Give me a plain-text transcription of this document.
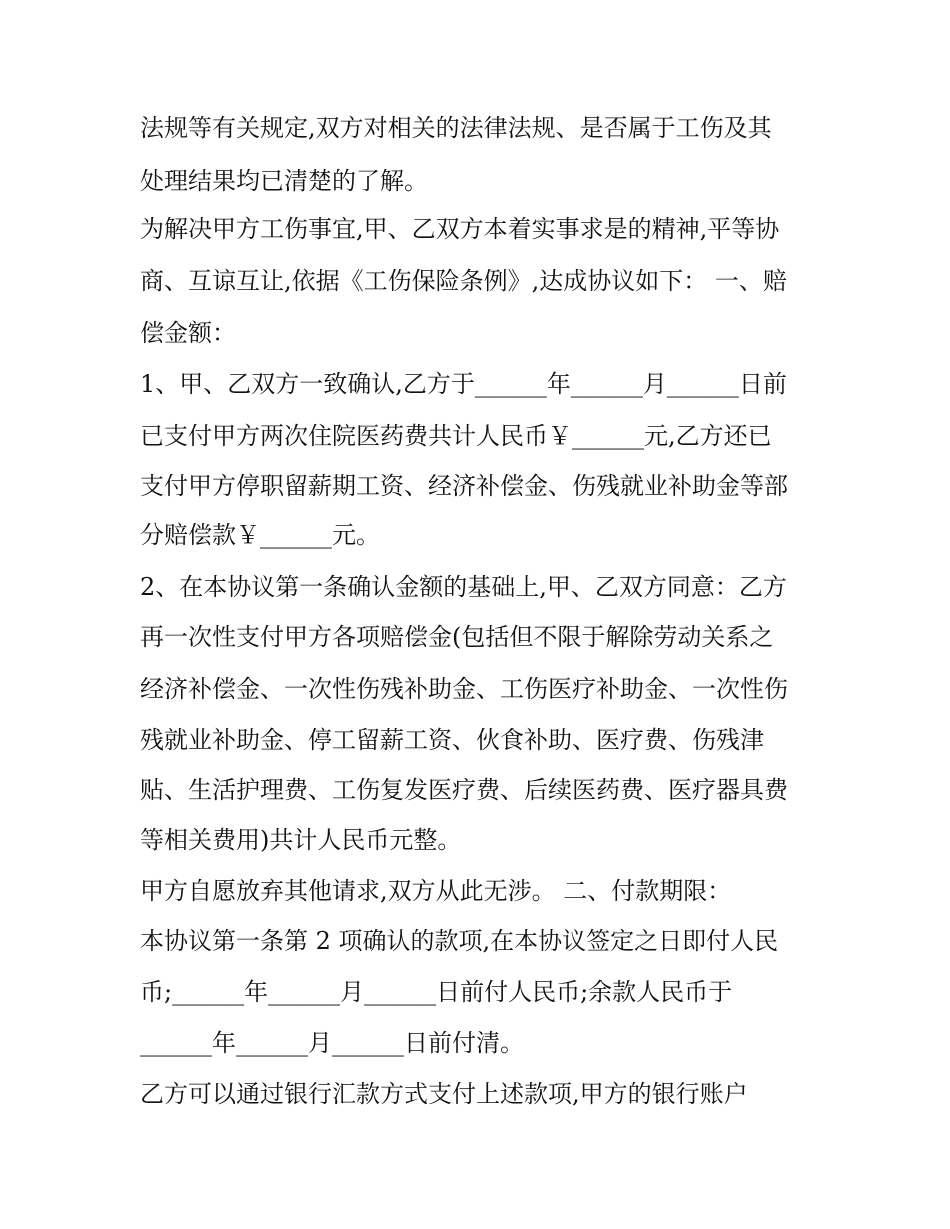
法规等有关规定,双方对相关的法律法规、是否属于工伤及其

处理结果均已清楚的了解。

为解决甲方工伤事宜,甲、乙双方本着实事求是的精神,平等协

商、互谅互让,依据《工伤保险条例》,达成协议如下： 一、赔

偿金额：

1、甲、乙双方一致确认,乙方于______年______月______日前

已支付甲方两次住院医药费共计人民币￥______元,乙方还已

支付甲方停职留薪期工资、经济补偿金、伤残就业补助金等部

分赔偿款￥______元。

2、在本协议第一条确认金额的基础上,甲、乙双方同意：乙方

再一次性支付甲方各项赔偿金(包括但不限于解除劳动关系之

经济补偿金、一次性伤残补助金、工伤医疗补助金、一次性伤

残就业补助金、停工留薪工资、伙食补助、医疗费、伤残津

贴、生活护理费、工伤复发医疗费、后续医药费、医疗器具费

等相关费用)共计人民币元整。

甲方自愿放弃其他请求,双方从此无涉。 二、付款期限：

本协议第一条第 2 项确认的款项,在本协议签定之日即付人民

币;______年______月______日前付人民币;余款人民币于

______年______月______日前付清。

乙方可以通过银行汇款方式支付上述款项,甲方的银行账户
